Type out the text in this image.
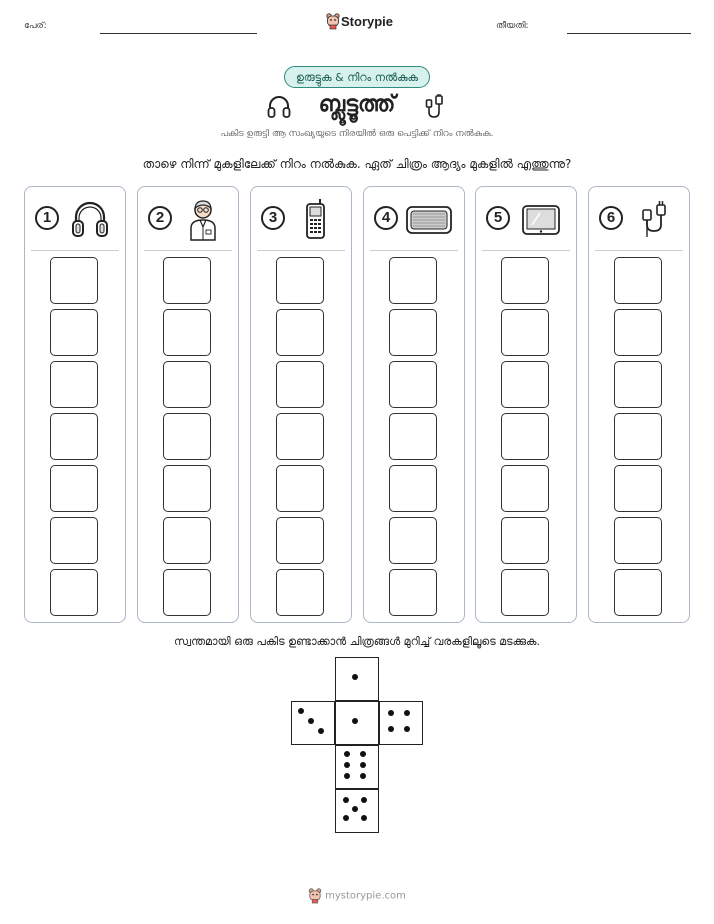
പേര്:	Storypie	തീയതി:
ഉരുട്ടുക & നിറം നൽകുക
ബ്ലൂട്ടൂത്ത്
പകിട ഉരുട്ടി ആ സംഖ്യയുടെ നിരയിൽ ഒരു പെട്ടിക്ക് നിറം നൽകുക.
താഴെ നിന്ന് മുകളിലേക്ക് നിറം നൽകുക. ഏത് ചിത്രം ആദ്യം മുകളിൽ എത്തുന്നു?
1	2	3	4	5	6
സ്വന്തമായി ഒരു പകിട ഉണ്ടാക്കാൻ ചിത്രങ്ങൾ മുറിച്ച് വരകളിലൂടെ മടക്കുക.
mystorypie.com
